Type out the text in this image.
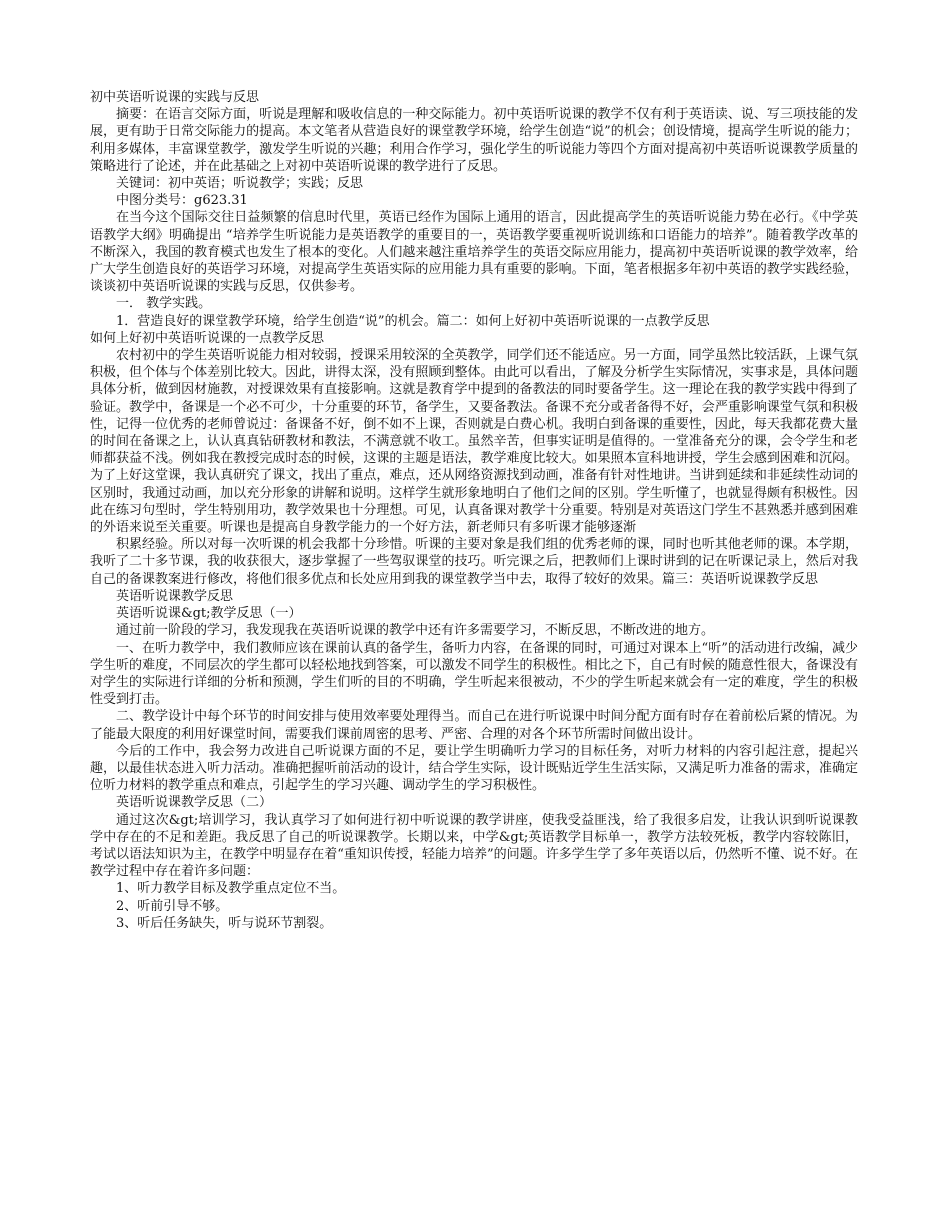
初中英语听说课的实践与反思

摘要：在语言交际方面，听说是理解和吸收信息的一种交际能力。初中英语听说课的教学不仅有利于英语读、说、写三项技能的发展，更有助于日常交际能力的提高。本文笔者从营造良好的课堂教学环境，给学生创造“说”的机会；创设情境，提高学生听说的能力；利用多媒体，丰富课堂教学，激发学生听说的兴趣；利用合作学习，强化学生的听说能力等四个方面对提高初中英语听说课教学质量的策略进行了论述，并在此基础之上对初中英语听说课的教学进行了反思。

关键词：初中英语；听说教学；实践；反思

中图分类号：g623.31

在当今这个国际交往日益频繁的信息时代里，英语已经作为国际上通用的语言，因此提高学生的英语听说能力势在必行。《中学英语教学大纲》明确提出 “培养学生听说能力是英语教学的重要目的一，英语教学要重视听说训练和口语能力的培养”。随着教学改革的不断深入，我国的教育模式也发生了根本的变化。人们越来越注重培养学生的英语交际应用能力，提高初中英语听说课的教学效率，给广大学生创造良好的英语学习环境，对提高学生英语实际的应用能力具有重要的影响。下面，笔者根据多年初中英语的教学实践经验，谈谈初中英语听说课的实践与反思，仅供参考。

一． 教学实践。

1．营造良好的课堂教学环境，给学生创造“说”的机会。篇二：如何上好初中英语听说课的一点教学反思

如何上好初中英语听说课的一点教学反思

农村初中的学生英语听说能力相对较弱，授课采用较深的全英教学，同学们还不能适应。另一方面，同学虽然比较活跃，上课气氛积极，但个体与个体差别比较大。因此，讲得太深，没有照顾到整体。由此可以看出，了解及分析学生实际情况，实事求是，具体问题具体分析，做到因材施教，对授课效果有直接影响。这就是教育学中提到的备教法的同时要备学生。这一理论在我的教学实践中得到了验证。教学中，备课是一个必不可少，十分重要的环节，备学生，又要备教法。备课不充分或者备得不好，会严重影响课堂气氛和积极性，记得一位优秀的老师曾说过：备课备不好，倒不如不上课，否则就是白费心机。我明白到备课的重要性，因此，每天我都花费大量的时间在备课之上，认认真真钻研教材和教法，不满意就不收工。虽然辛苦，但事实证明是值得的。一堂准备充分的课，会令学生和老师都获益不浅。例如我在教授完成时态的时候，这课的主题是语法，教学难度比较大。如果照本宣科地讲授，学生会感到困难和沉闷。为了上好这堂课，我认真研究了课文，找出了重点，难点，还从网络资源找到动画，准备有针对性地讲。当讲到延续和非延续性动词的区别时，我通过动画，加以充分形象的讲解和说明。这样学生就形象地明白了他们之间的区别。学生听懂了，也就显得颇有积极性。因此在练习句型时，学生特别用功，教学效果也十分理想。可见，认真备课对教学十分重要。特别是对英语这门学生不甚熟悉并感到困难的外语来说至关重要。听课也是提高自身教学能力的一个好方法，新老师只有多听课才能够逐渐

积累经验。所以对每一次听课的机会我都十分珍惜。听课的主要对象是我们组的优秀老师的课，同时也听其他老师的课。本学期，我听了二十多节课，我的收获很大，逐步掌握了一些驾驭课堂的技巧。听完课之后，把教师们上课时讲到的记在听课记录上，然后对我自己的备课教案进行修改，将他们很多优点和长处应用到我的课堂教学当中去，取得了较好的效果。篇三：英语听说课教学反思

英语听说课教学反思

英语听说课&gt;教学反思（一）

通过前一阶段的学习，我发现我在英语听说课的教学中还有许多需要学习，不断反思，不断改进的地方。

一、在听力教学中，我们教师应该在课前认真的备学生，备听力内容，在备课的同时，可通过对课本上“听”的活动进行改编，减少学生听的难度，不同层次的学生都可以轻松地找到答案，可以激发不同学生的积极性。相比之下，自己有时候的随意性很大，备课没有对学生的实际进行详细的分析和预测，学生们听的目的不明确，学生听起来很被动，不少的学生听起来就会有一定的难度，学生的积极性受到打击。

二、教学设计中每个环节的时间安排与使用效率要处理得当。而自己在进行听说课中时间分配方面有时存在着前松后紧的情况。为了能最大限度的利用好课堂时间，需要我们课前周密的思考、严密、合理的对各个环节所需时间做出设计。

今后的工作中，我会努力改进自己听说课方面的不足，要让学生明确听力学习的目标任务，对听力材料的内容引起注意，提起兴趣，以最佳状态进入听力活动。准确把握听前活动的设计，结合学生实际，设计既贴近学生生活实际，又满足听力准备的需求，准确定位听力材料的教学重点和难点，引起学生的学习兴趣、调动学生的学习积极性。

英语听说课教学反思（二）

通过这次&gt;培训学习，我认真学习了如何进行初中听说课的教学讲座，使我受益匪浅，给了我很多启发，让我认识到听说课教学中存在的不足和差距。我反思了自己的听说课教学。长期以来，中学&gt;英语教学目标单一，教学方法较死板，教学内容较陈旧，考试以语法知识为主，在教学中明显存在着“重知识传授，轻能力培养”的问题。许多学生学了多年英语以后，仍然听不懂、说不好。在教学过程中存在着许多问题：

1、听力教学目标及教学重点定位不当。

2、听前引导不够。

3、听后任务缺失，听与说环节割裂。
